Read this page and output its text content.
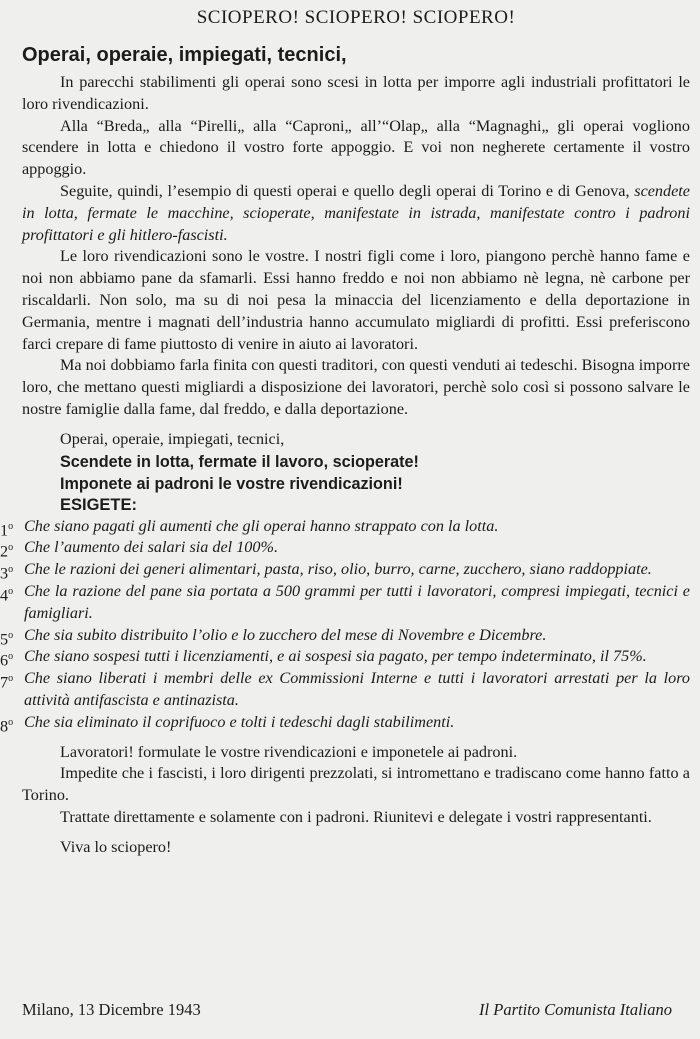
SCIOPERO! SCIOPERO! SCIOPERO!
Operai, operaie, impiegati, tecnici,

In parecchi stabilimenti gli operai sono scesi in lotta per imporre agli industriali profittatori le loro rivendicazioni.

Alla “Breda„ alla “Pirelli„ alla “Caproni„ all’“Olap„ alla “Magnaghi„ gli operai vogliono scendere in lotta e chiedono il vostro forte appoggio. E voi non negherete certamente il vostro appoggio.

Seguite, quindi, l’esempio di questi operai e quello degli operai di Torino e di Genova, scendete in lotta, fermate le macchine, scioperate, manifestate in istrada, manifestate contro i padroni profittatori e gli hitlero-fascisti.

Le loro rivendicazioni sono le vostre. I nostri figli come i loro, piangono perchè hanno fame e noi non abbiamo pane da sfamarli. Essi hanno freddo e noi non abbiamo nè legna, nè carbone per riscaldarli. Non solo, ma su di noi pesa la minaccia del licenziamento e della deportazione in Germania, mentre i magnati dell’industria hanno accumulato migliardi di profitti. Essi preferiscono farci crepare di fame piuttosto di venire in aiuto ai lavoratori.

Ma noi dobbiamo farla finita con questi traditori, con questi venduti ai tedeschi. Bisogna imporre loro, che mettano questi migliardi a disposizione dei lavoratori, perchè solo così si possono salvare le nostre famiglie dalla fame, dal freddo, e dalla deportazione.

Operai, operaie, impiegati, tecnici,
Scendete in lotta, fermate il lavoro, scioperate!
Imponete ai padroni le vostre rivendicazioni!
ESIGETE:
1$^o$ Che siano pagati gli aumenti che gli operai hanno strappato con la lotta.
2$^o$ Che l’aumento dei salari sia del 100%.
3$^o$ Che le razioni dei generi alimentari, pasta, riso, olio, burro, carne, zucchero, siano raddoppiate.
4$^o$ Che la razione del pane sia portata a 500 grammi per tutti i lavoratori, compresi impiegati, tecnici e famigliari.
5$^o$ Che sia subito distribuito l’olio e lo zucchero del mese di Novembre e Dicembre.
6$^o$ Che siano sospesi tutti i licenziamenti, e ai sospesi sia pagato, per tempo indeterminato, il 75%.
7$^o$ Che siano liberati i membri delle ex Commissioni Interne e tutti i lavoratori arrestati per la loro attività antifascista e antinazista.
8$^o$ Che sia eliminato il coprifuoco e tolti i tedeschi dagli stabilimenti.

Lavoratori! formulate le vostre rivendicazioni e imponetele ai padroni.

Impedite che i fascisti, i loro dirigenti prezzolati, si intromettano e tradiscano come hanno fatto a Torino.

Trattate direttamente e solamente con i padroni. Riunitevi e delegate i vostri rappresentanti.

Viva lo sciopero!

Milano, 13 Dicembre 1943	Il Partito Comunista Italiano
